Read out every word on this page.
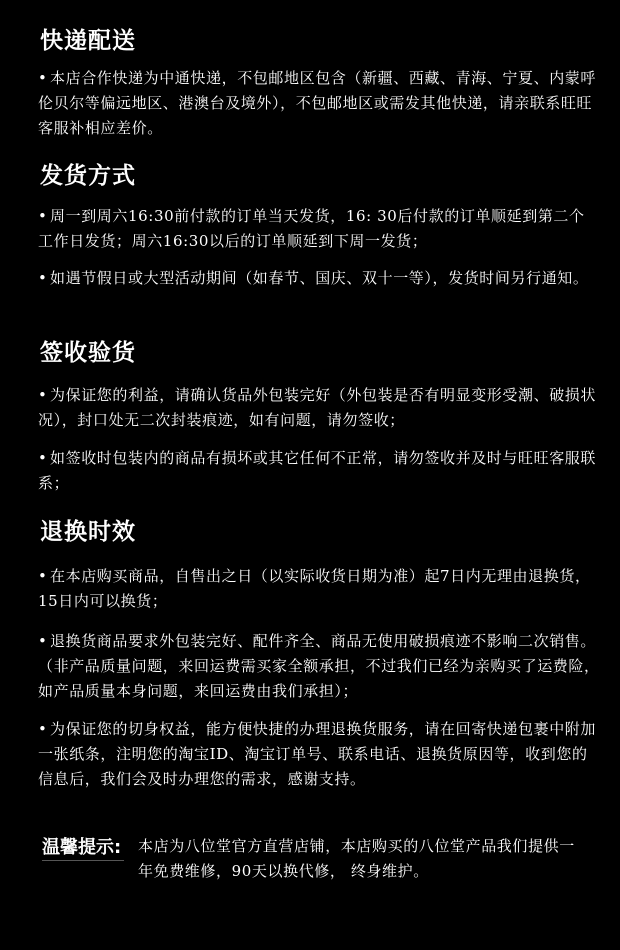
快递配送

• 本店合作快递为中通快递，不包邮地区包含（新疆、西藏、青海、宁夏、内蒙呼伦贝尔等偏远地区、港澳台及境外），不包邮地区或需发其他快递，请亲联系旺旺客服补相应差价。

发货方式

• 周一到周六16:30前付款的订单当天发货，16: 30后付款的订单顺延到第二个工作日发货；周六16:30以后的订单顺延到下周一发货；

• 如遇节假日或大型活动期间（如春节、国庆、双十一等），发货时间另行通知。

签收验货

• 为保证您的利益，请确认货品外包装完好（外包装是否有明显变形受潮、破损状况），封口处无二次封装痕迹，如有问题，请勿签收；

• 如签收时包装内的商品有损坏或其它任何不正常，请勿签收并及时与旺旺客服联系；

退换时效

• 在本店购买商品，自售出之日（以实际收货日期为准）起7日内无理由退换货，15日内可以换货；

• 退换货商品要求外包装完好、配件齐全、商品无使用破损痕迹不影响二次销售。 （非产品质量问题，来回运费需买家全额承担，不过我们已经为亲购买了运费险，如产品质量本身问题，来回运费由我们承担）；

• 为保证您的切身权益，能方便快捷的办理退换货服务，请在回寄快递包裹中附加一张纸条，注明您的淘宝ID、淘宝订单号、联系电话、退换货原因等，收到您的信息后，我们会及时办理您的需求，感谢支持。

温馨提示: 本店为八位堂官方直营店铺，本店购买的八位堂产品我们提供一年免费维修，90天以换代修， 终身维护。
